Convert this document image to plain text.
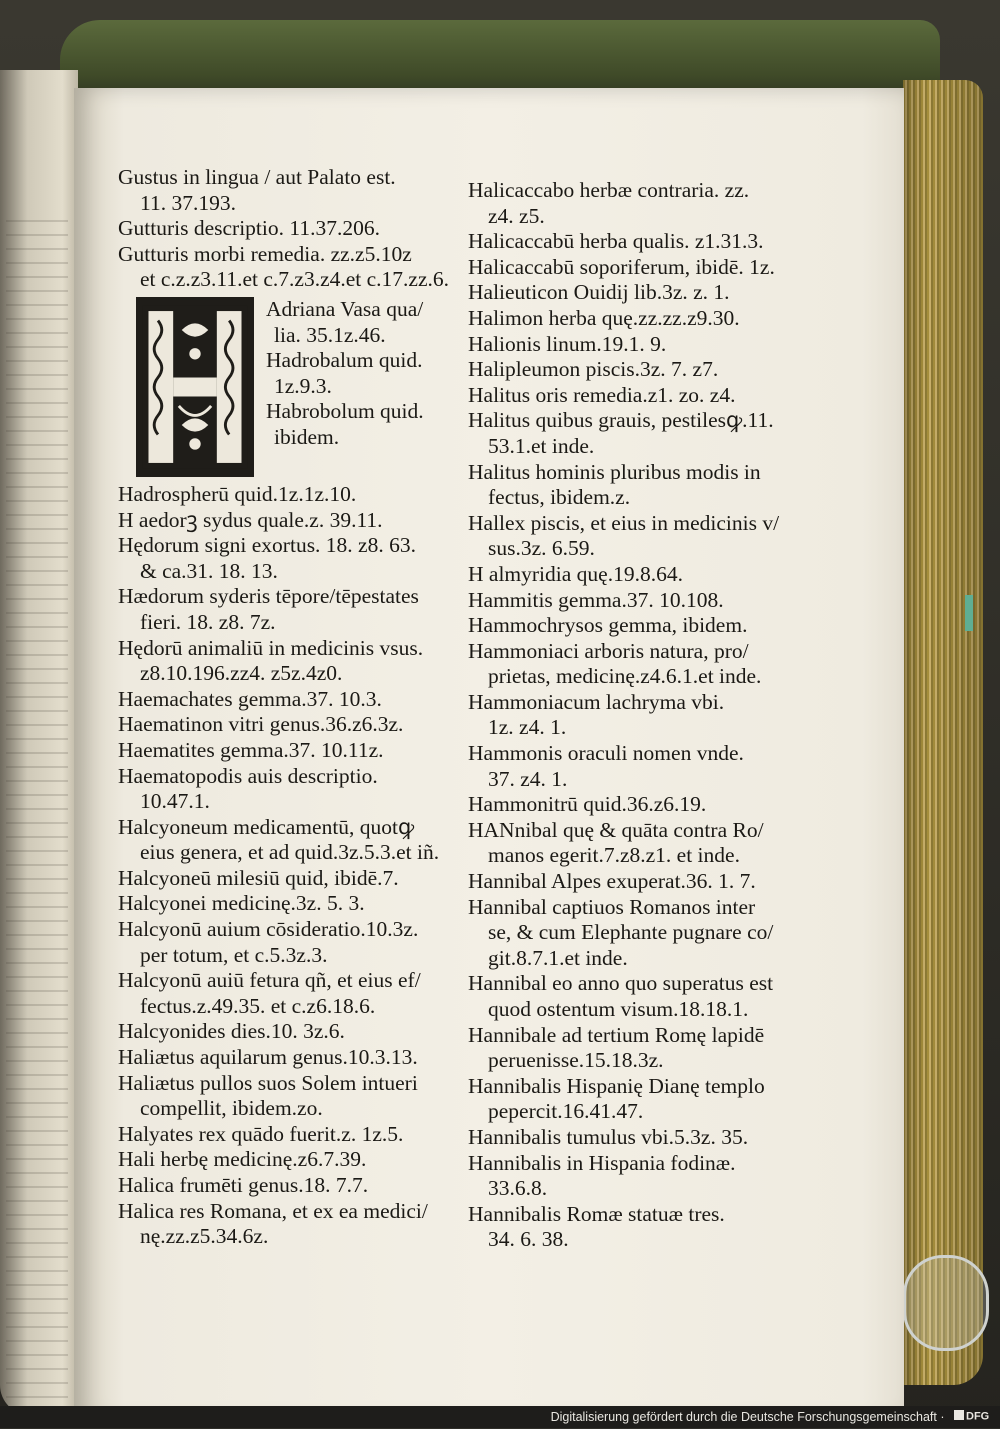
Gustus in lingua / aut Palato est.
11. 37.193.

Gutturis descriptio. 11.37.206.

Gutturis morbi remedia. zz.z5.10z
et c.z.z3.11.et c.7.z3.z4.et c.17.zz.6.

Adriana Vasa qua/
lia. 35.1z.46.

Hadrobalum quid.
1z.9.3.

Habrobolum quid.
ibidem.

Hadrospherū quid.1z.1z.10.

H aedorꝫ sydus quale.z. 39.11.

Hędorum signi exortus. 18. z8. 63.
& ca.31. 18. 13.

Hædorum syderis tēpore/tēpestates
fieri. 18. z8. 7z.

Hędorū animaliū in medicinis vsus.
z8.10.196.zz4. z5z.4z0.

Haemachates gemma.37. 10.3.

Haematinon vitri genus.36.z6.3z.

Haematites gemma.37. 10.11z.

Haematopodis auis descriptio.
10.47.1.

Halcyoneum medicamentū, quotꝙ
eius genera, et ad quid.3z.5.3.et iñ.

Halcyoneū milesiū quid, ibidē.7.

Halcyonei medicinę.3z. 5. 3.

Halcyonū auium cōsideratio.10.3z.
per totum, et c.5.3z.3.

Halcyonū auiū fetura qñ, et eius ef/
fectus.z.49.35. et c.z6.18.6.

Halcyonides dies.10. 3z.6.

Haliætus aquilarum genus.10.3.13.

Haliætus pullos suos Solem intueri
compellit, ibidem.zo.

Halyates rex quādo fuerit.z. 1z.5.

Hali herbę medicinę.z6.7.39.

Halica frumēti genus.18. 7.7.

Halica res Romana, et ex ea medici/
nę.zz.z5.34.6z.

Halicaccabo herbæ contraria. zz.
z4. z5.

Halicaccabū herba qualis. z1.31.3.

Halicaccabū soporiferum, ibidē. 1z.

Halieuticon Ouidij lib.3z. z. 1.

Halimon herba quę.zz.zz.z9.30.

Halionis linum.19.1. 9.

Halipleumon piscis.3z. 7. z7.

Halitus oris remedia.z1. zo. z4.

Halitus quibus grauis, pestilesꝙ.11.
53.1.et inde.

Halitus hominis pluribus modis in
fectus, ibidem.z.

Hallex piscis, et eius in medicinis v/
sus.3z. 6.59.

H almyridia quę.19.8.64.

Hammitis gemma.37. 10.108.

Hammochrysos gemma, ibidem.

Hammoniaci arboris natura, pro/
prietas, medicinę.z4.6.1.et inde.

Hammoniacum lachryma vbi.
1z. z4. 1.

Hammonis oraculi nomen vnde.
37. z4. 1.

Hammonitrū quid.36.z6.19.

HANnibal quę & quāta contra Ro/
manos egerit.7.z8.z1. et inde.

Hannibal Alpes exuperat.36. 1. 7.

Hannibal captiuos Romanos inter
se, & cum Elephante pugnare co/
git.8.7.1.et inde.

Hannibal eo anno quo superatus est
quod ostentum visum.18.18.1.

Hannibale ad tertium Romę lapidē
peruenisse.15.18.3z.

Hannibalis Hispanię Dianę templo
pepercit.16.41.47.

Hannibalis tumulus vbi.5.3z. 35.

Hannibalis in Hispania fodinæ.
33.6.8.

Hannibalis Romæ statuæ tres.
34. 6. 38.

Digitalisierung gefördert durch die Deutsche Forschungsgemeinschaft · DFG
